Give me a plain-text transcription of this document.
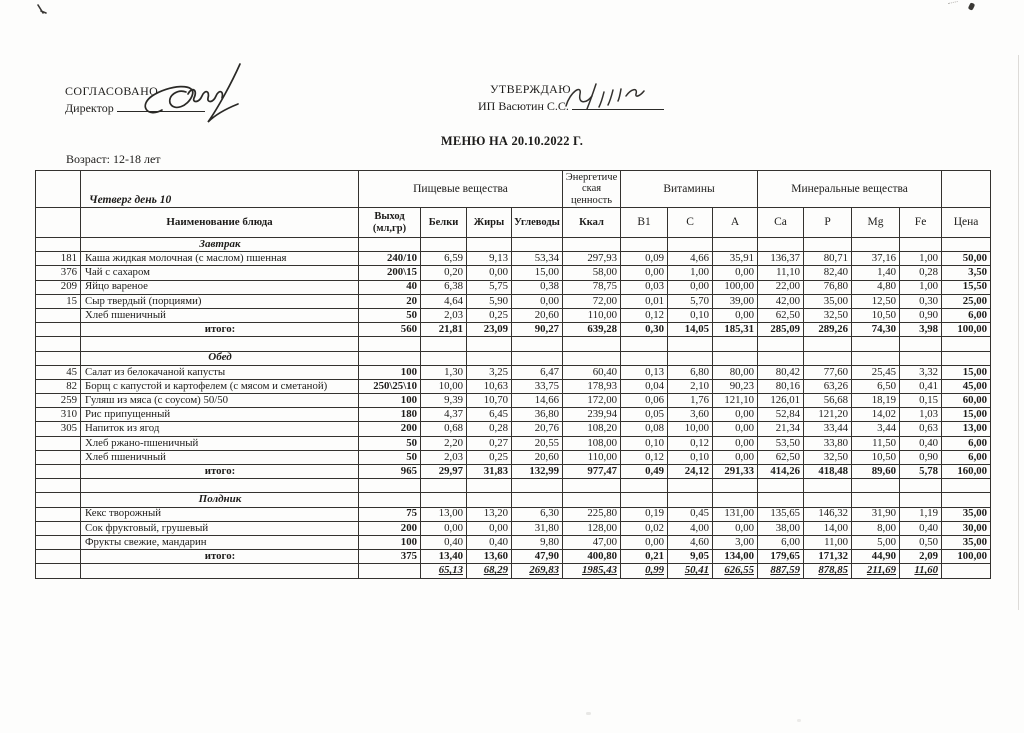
СОГЛАСОВАНО
Директор
УТВЕРЖДАЮ
ИП Васютин С.С.
МЕНЮ НА 20.10.2022 Г.
Возраст: 12-18 лет
	Четверг день 10	Пищевые вещества				Энергетическая ценность	Витамины			Минеральные вещества				
	Наименование блюда	Выход (мл,гр)	Белки	Жиры	Углеводы	Ккал	В1	С	А	Са	Р	Mg	Fe	Цена
	Завтрак													
181	Каша жидкая молочная (с маслом) пшенная	240/10	6,59	9,13	53,34	297,93	0,09	4,66	35,91	136,37	80,71	37,16	1,00	50,00
376	Чай с сахаром	200\15	0,20	0,00	15,00	58,00	0,00	1,00	0,00	11,10	82,40	1,40	0,28	3,50
209	Яйцо вареное	40	6,38	5,75	0,38	78,75	0,03	0,00	100,00	22,00	76,80	4,80	1,00	15,50
15	Сыр твердый (порциями)	20	4,64	5,90	0,00	72,00	0,01	5,70	39,00	42,00	35,00	12,50	0,30	25,00
	Хлеб пшеничный	50	2,03	0,25	20,60	110,00	0,12	0,10	0,00	62,50	32,50	10,50	0,90	6,00
	итого:	560	21,81	23,09	90,27	639,28	0,30	14,05	185,31	285,09	289,26	74,30	3,98	100,00

	Обед													
45	Салат из белокачаной капусты	100	1,30	3,25	6,47	60,40	0,13	6,80	80,00	80,42	77,60	25,45	3,32	15,00
82	Борщ с капустой и картофелем (с мясом и сметаной)	250\25\10	10,00	10,63	33,75	178,93	0,04	2,10	90,23	80,16	63,26	6,50	0,41	45,00
259	Гуляш из мяса (с соусом) 50/50	100	9,39	10,70	14,66	172,00	0,06	1,76	121,10	126,01	56,68	18,19	0,15	60,00
310	Рис припущенный	180	4,37	6,45	36,80	239,94	0,05	3,60	0,00	52,84	121,20	14,02	1,03	15,00
305	Напиток из ягод	200	0,68	0,28	20,76	108,20	0,08	10,00	0,00	21,34	33,44	3,44	0,63	13,00
	Хлеб ржано-пшеничный	50	2,20	0,27	20,55	108,00	0,10	0,12	0,00	53,50	33,80	11,50	0,40	6,00
	Хлеб пшеничный	50	2,03	0,25	20,60	110,00	0,12	0,10	0,00	62,50	32,50	10,50	0,90	6,00
	итого:	965	29,97	31,83	132,99	977,47	0,49	24,12	291,33	414,26	418,48	89,60	5,78	160,00

	Полдник													
	Кекс творожный	75	13,00	13,20	6,30	225,80	0,19	0,45	131,00	135,65	146,32	31,90	1,19	35,00
	Сок фруктовый, грушевый	200	0,00	0,00	31,80	128,00	0,02	4,00	0,00	38,00	14,00	8,00	0,40	30,00
	Фрукты свежие, мандарин	100	0,40	0,40	9,80	47,00	0,00	4,60	3,00	6,00	11,00	5,00	0,50	35,00
	итого:	375	13,40	13,60	47,90	400,80	0,21	9,05	134,00	179,65	171,32	44,90	2,09	100,00
			65,13	68,29	269,83	1985,43	0,99	50,41	626,55	887,59	878,85	211,69	11,60	
